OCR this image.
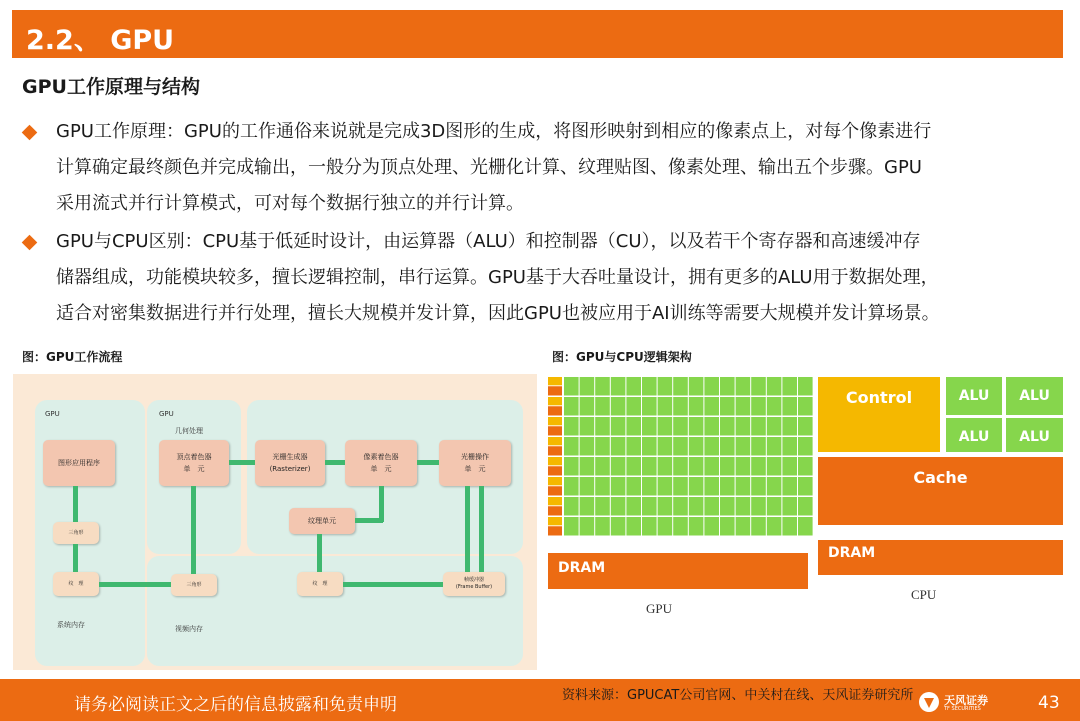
2.2、 GPU
GPU工作原理与结构
GPU工作原理：GPU的工作通俗来说就是完成3D图形的生成，将图形映射到相应的像素点上，对每个像素进行
计算确定最终颜色并完成输出，一般分为顶点处理、光栅化计算、纹理贴图、像素处理、输出五个步骤。GPU
采用流式并行计算模式，可对每个数据行独立的并行计算。
GPU与CPU区别：CPU基于低延时设计，由运算器（ALU）和控制器（CU），以及若干个寄存器和高速缓冲存
储器组成，功能模块较多，擅长逻辑控制，串行运算。GPU基于大吞吐量设计，拥有更多的ALU用于数据处理，
适合对密集数据进行并行处理，擅长大规模并发计算，因此GPU也被应用于AI训练等需要大规模并发计算场景。
图：GPU工作流程	图：GPU与CPU逻辑架构
GPU	GPU
几何处理
系统内存	视频内存
图形应用程序
顶点着色器
单　元
光栅生成器
(Rasterizer)
像素着色器
单　元
光栅操作
单　元
纹理单元
三角形
纹　理	三角形	纹　理
帧缓冲器
(Frame Buffer)
DRAM
Control	ALU	ALU
ALU	ALU
Cache
DRAM
GPU
CPU
请务必阅读正文之后的信息披露和免责申明	资料来源：GPUCAT公司官网、中关村在线、天风证券研究所	天风证券
TF SECURITIES	43
